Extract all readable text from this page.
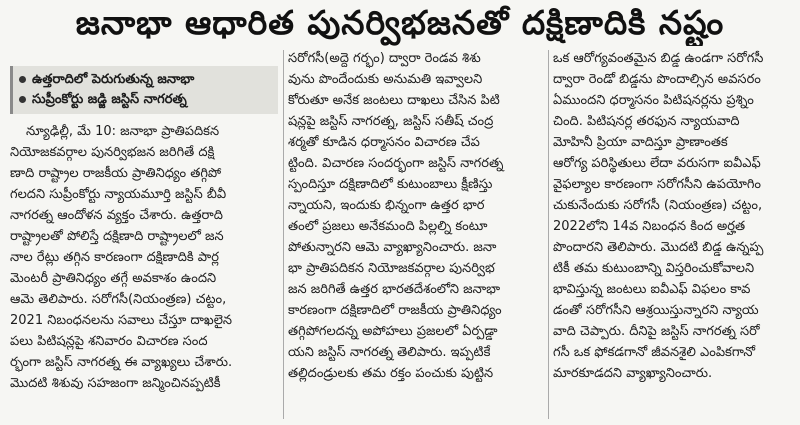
జనాభా ఆధారిత పునర్విభజనతో దక్షిణాదికి నష్టం
ఉత్తరాదిలో పెరుగుతున్న జనాభా
సుప్రీంకోర్టు జడ్జి జస్టిస్ నాగరత్న
న్యూఢిల్లీ, మే 10: జనాభా ప్రాతిపదికన
నియోజకవర్గాల పునర్విభజన జరిగితే దక్షి
ణాది రాష్ట్రాల రాజకీయ ప్రాతినిధ్యం తగ్గిపో
గలదని సుప్రీంకోర్టు న్యాయమూర్తి జస్టిస్ బీవీ
నాగరత్న ఆందోళన వ్యక్తం చేశారు. ఉత్తరాది
రాష్ట్రాలతో పోలిస్తే దక్షిణాది రాష్ట్రాలలో జన
నాల రేట్లు తగ్గిన కారణంగా దక్షిణాదికి పార్ల
మెంటరీ ప్రాతినిధ్యం తగ్గే అవకాశం ఉందని
ఆమె తెలిపారు. సరోగసీ(నియంత్రణ) చట్టం,
2021 నిబంధనలను సవాలు చేస్తూ దాఖలైన
పలు పిటిషన్లపై శనివారం విచారణ సంద
ర్భంగా జస్టిస్ నాగరత్న ఈ వ్యాఖ్యలు చేశారు.
మొదటి శిశువు సహజంగా జన్మించినప్పటికీ
సరోగసీ(అద్దె గర్భం) ద్వారా రెండవ శిశు
వును పొందేందుకు అనుమతి ఇవ్వాలని
కోరుతూ అనేక జంటలు దాఖలు చేసిన పిటి
షన్లపై జస్టిస్ నాగరత్న, జస్టిస్ సతీష్ చంద్ర
శర్మతో కూడిన ధర్మాసనం విచారణ చేప
ట్టింది. విచారణ సందర్భంగా జస్టిస్ నాగరత్న
స్పందిస్తూ దక్షిణాదిలో కుటుంబాలు క్షీణిస్తు
న్నాయని, ఇందుకు భిన్నంగా ఉత్తర భార
తంలో ప్రజలు అనేకమంది పిల్లల్ని కంటూ
పోతున్నారని ఆమె వ్యాఖ్యానించారు. జనా
భా ప్రాతిపదికన నియోజకవర్గాల పునర్విభ
జన జరిగితే ఉత్తర భారతదేశంలోని జనాభా
కారణంగా దక్షిణాదిలో రాజకీయ ప్రాతినిధ్యం
తగ్గిపోగలదన్న అపోహలు ప్రజలలో ఏర్పడ్డా
యని జస్టిస్ నాగరత్న తెలిపారు. ఇప్పటికే
తల్లిదండ్రులకు తమ రక్తం పంచుకు పుట్టిన
ఒక ఆరోగ్యవంతమైన బిడ్డ ఉండగా సరోగసీ
ద్వారా రెండో బిడ్డను పొందాల్సిన అవసరం
ఏముందని ధర్మాసనం పిటిషనర్లను ప్రశ్నిం
చింది. పిటిషనర్ల తరఫున న్యాయవాది
మోహినీ ప్రియా వాదిస్తూ ప్రాణాంతక
ఆరోగ్య పరిస్థితులు లేదా వరుసగా ఐవీఎఫ్
వైఫల్యాల కారణంగా సరోగసీని ఉపయోగిం
చుకునేందుకు సరోగసీ (నియంత్రణ) చట్టం,
2022లోని 14వ నిబంధన కింద అర్హత
పొందారని తెలిపారు. మొదటి బిడ్డ ఉన్నప్ప
టికీ తమ కుటుంబాన్ని విస్తరించుకోవాలని
భావిస్తున్న జంటలు ఐవీఎఫ్ విఫలం కావ
డంతో సరోగసీని ఆశ్రయిస్తున్నారని న్యాయ
వాది చెప్పారు. దీనిపై జస్టిస్ నాగరత్న సరో
గసీ ఒక ఫోకడగానో జీవనశైలి ఎంపికగానో
మారకూడదని వ్యాఖ్యానించారు.
